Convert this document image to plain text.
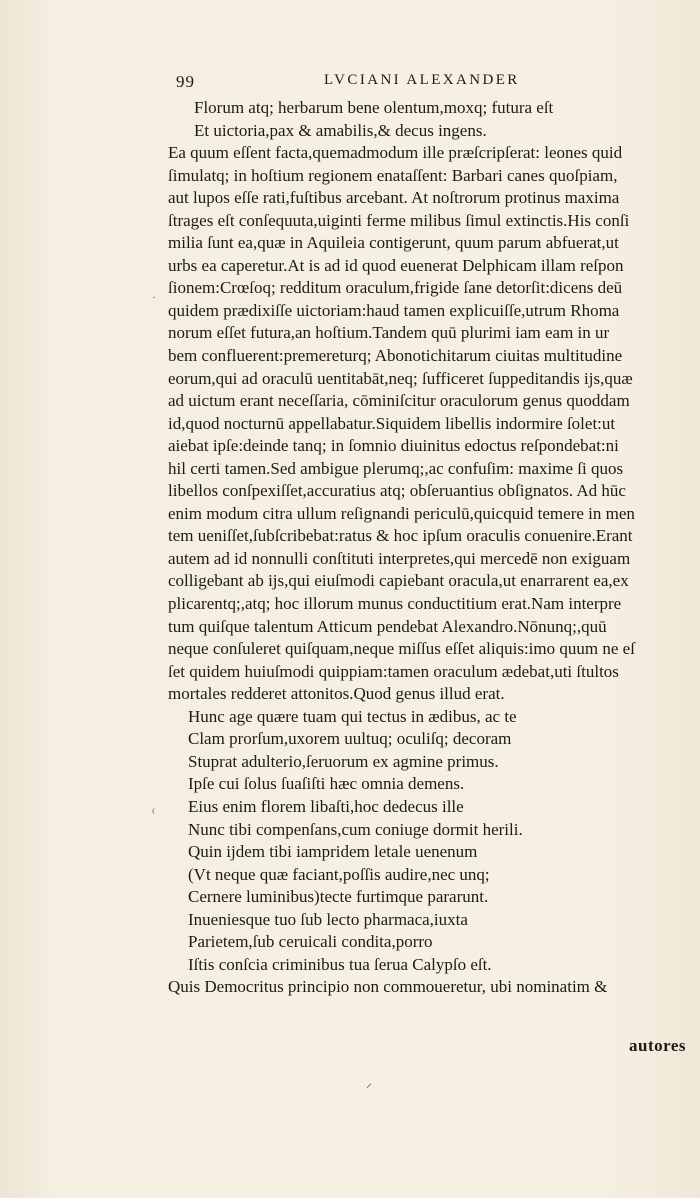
99	LVCIANI ALEXANDER
Florum atq; herbarum bene olentum,moxq; futura eſt
Et uictoria,pax & amabilis,& decus ingens.
Ea quum eſſent facta,quemadmodum ille præſcripſerat: leones quid
ſimulatq; in hoſtium regionem enataſſent: Barbari canes quoſpiam,
aut lupos eſſe rati,fuſtibus arcebant. At noſtrorum protinus maxima
ſtrages eſt conſequuta,uiginti ferme milibus ſimul extinctis.His conſi
milia ſunt ea,quæ in Aquileia contigerunt, quum parum abfuerat,ut
urbs ea caperetur.At is ad id quod euenerat Delphicam illam reſpon
ſionem:Crœſoq; redditum oraculum,frigide ſane detorſit:dicens deū
quidem prædixiſſe uictoriam:haud tamen explicuiſſe,utrum Rhoma
norum eſſet futura,an hoſtium.Tandem quū plurimi iam eam in ur
bem confluerent:premereturq; Abonotichitarum ciuitas multitudine
eorum,qui ad oraculū uentitabāt,neq; ſufficeret ſuppeditandis ijs,quæ
ad uictum erant neceſſaria, cōminiſcitur oraculorum genus quoddam
id,quod nocturnū appellabatur.Siquidem libellis indormire ſolet:ut
aiebat ipſe:deinde tanq; in ſomnio diuinitus edoctus reſpondebat:ni
hil certi tamen.Sed ambigue plerumq;,ac confuſim: maxime ſi quos
libellos conſpexiſſet,accuratius atq; obſeruantius obſignatos. Ad hūc
enim modum citra ullum reſignandi periculū,quicquid temere in men
tem ueniſſet,ſubſcribebat:ratus & hoc ipſum oraculis conuenire.Erant
autem ad id nonnulli conſtituti interpretes,qui mercedē non exiguam
colligebant ab ijs,qui eiuſmodi capiebant oracula,ut enarrarent ea,ex
plicarentq;,atq; hoc illorum munus conductitium erat.Nam interpre
tum quiſque talentum Atticum pendebat Alexandro.Nōnunq;,quū
neque conſuleret quiſquam,neque miſſus eſſet aliquis:imo quum ne eſ
ſet quidem huiuſmodi quippiam:tamen oraculum ædebat,uti ſtultos
mortales redderet attonitos.Quod genus illud erat.
Hunc age quære tuam qui tectus in ædibus, ac te
Clam prorſum,uxorem uultuq; oculiſq; decoram
Stuprat adulterio,ſeruorum ex agmine primus.
Ipſe cui ſolus ſuaſiſti hæc omnia demens.
Eius enim florem libaſti,hoc dedecus ille
Nunc tibi compenſans,cum coniuge dormit herili.
Quin ijdem tibi iampridem letale uenenum
(Vt neque quæ faciant,poſſis audire,nec unq;
Cernere luminibus)tecte furtimque pararunt.
Inueniesque tuo ſub lecto pharmaca,iuxta
Parietem,ſub ceruicali condita,porro
Iſtis conſcia criminibus tua ſerua Calypſo eſt.
Quis Democritus principio non commoueretur, ubi nominatim &
autores
·
⁽
⸝
